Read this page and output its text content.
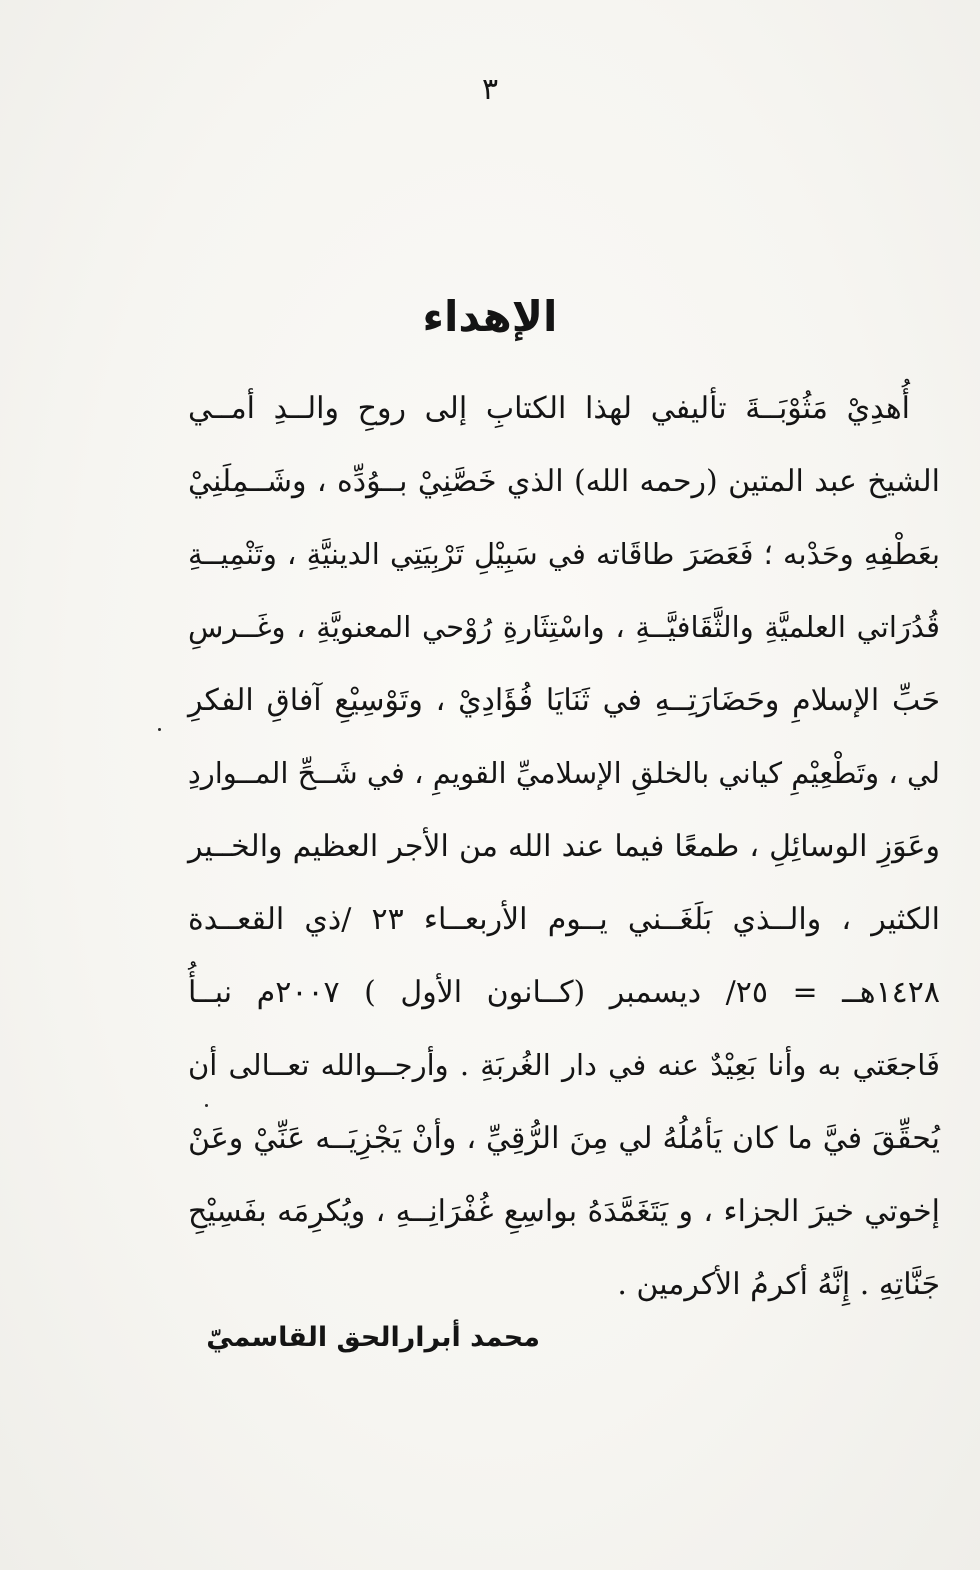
٣
الإهداء
أُهدِيْ مَثُوْبَــةَ تأليفي لهذا الكتابِ إلى روحِ والــدِ أمــي
الشيخ عبد المتين (رحمه الله) الذي خَصَّنِيْ بــوُدِّه ، وشَــمِلَنِيْ
بعَطْفِهِ وحَدْبه ؛ فَعَصَرَ طاقَاته في سَبِيْلِ تَرْبِيَتِي الدينيَّةِ ، وتَنْمِيــةِ
قُدُرَاتي العلميَّةِ والثَّقَافيَّــةِ ، واسْتِثَارةِ رُوْحي المعنويَّةِ ، وغَــرسِ
حَبِّ الإسلامِ وحَضَارَتِــهِ في ثَنَايَا فُؤَادِيْ ، وتَوْسِيْعِ آفاقِ الفكرِ
لي ، وتَطْعِيْمِ كياني بالخلقِ الإسلاميِّ القويمِ ، في شَــحِّ المــواردِ
وعَوَزِ الوسائِلِ ، طمعًا فيما عند الله من الأجر العظيم والخــير
الكثير ، والــذي بَلَغَــني يــوم الأربعــاء ٢٣ /ذي القعــدة
١٤٢٨هــ = ٢٥/ ديسمبر (كــانون الأول ) ٢٠٠٧م نبــأُ
فَاجعَتي به وأنا بَعِيْدٌ عنه في دار الغُربَةِ . وأرجــوالله تعــالى أن
يُحقِّقَ فيَّ ما كان يَأمُلُهُ لي مِنَ الرُّقِيِّ ، وأنْ يَجْزِيَــه عَنِّيْ وعَنْ
إخوتي خيرَ الجزاء ، و يَتَغَمَّدَهُ بواسِعِ غُفْرَانِــهِ ، ويُكرِمَه بفَسِيْحِ
جَنَّاتِهِ . إِنَّهُ أكرمُ الأكرمين .
محمد أبرارالحق القاسميّ
